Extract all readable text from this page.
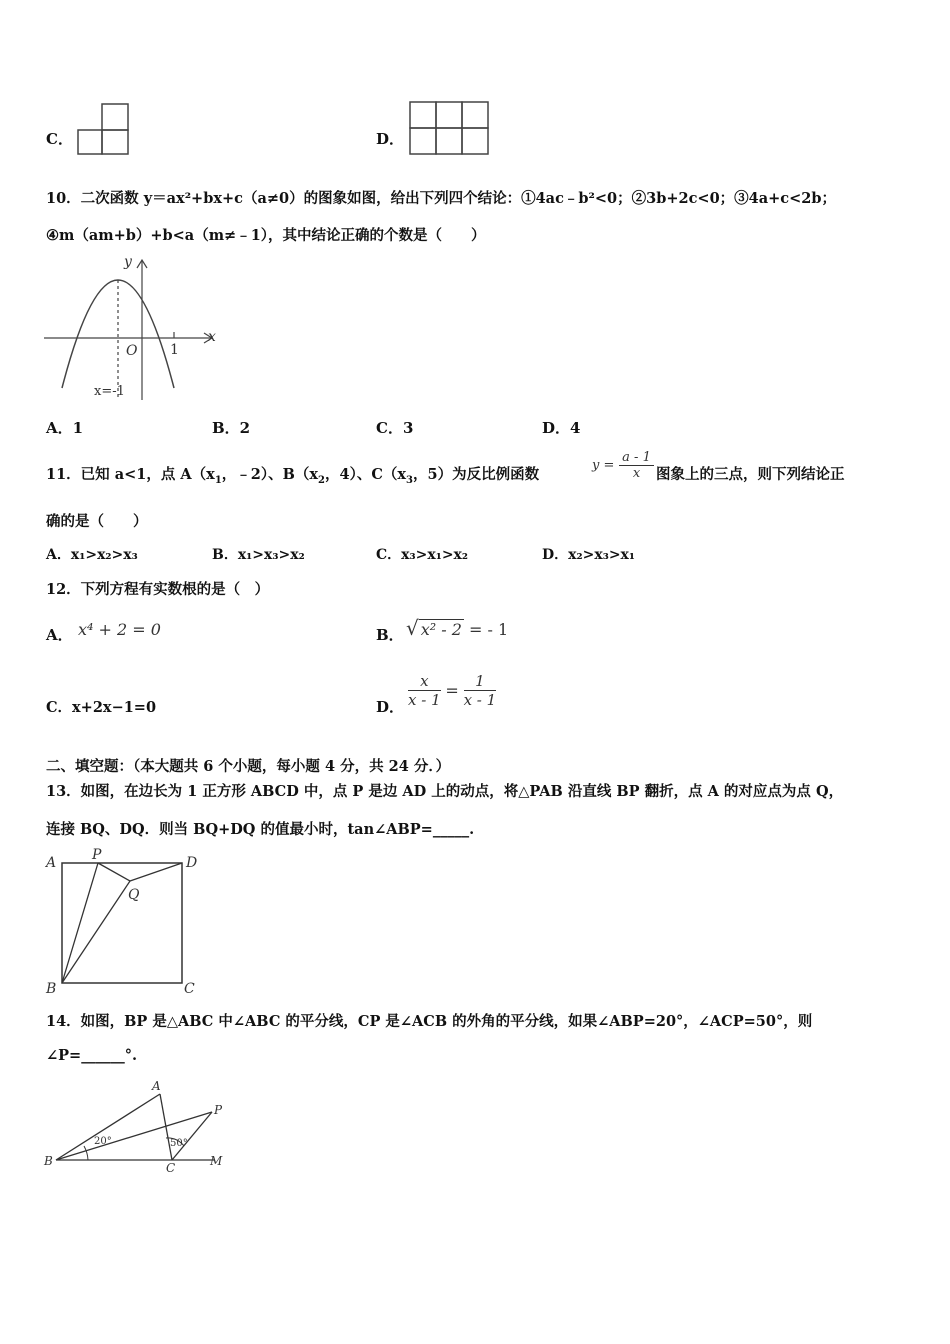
C．	D．
10．二次函数 y＝ax²+bx+c（a≠0）的图象如图，给出下列四个结论：①4ac﹣b²<0；②3b+2c<0；③4a+c<2b；
④m（am+b）+b<a（m≠﹣1），其中结论正确的个数是（　　）
y
x
O 1
x=-1
A．1	B．2	C．3	D．4
11．已知 a<1，点 $A(x_1$，﹣2）、$B(x_2$，4）、$C(x_3$，5）为反比例函数
$y = \frac{a - 1}{x}$ 图象上的三点，则下列结论正
确的是（　　）
A．x₁>x₂>x₃	B．x₁>x₃>x₂	C．x₃>x₁>x₂	D．x₂>x₃>x₁
12．下列方程有实数根的是（　）
A． x⁴ + 2 = 0	B． √ x² - 2 = - 1
C．x+2x−1=0	D． $\frac{x}{x - 1} = \frac{1}{x - 1}$
二、填空题：（本大题共 6 个小题，每小题 4 分，共 24 分．）
13．如图，在边长为 1 正方形 ABCD 中，点 P 是边 AD 上的动点，将△PAB 沿直线 BP 翻折，点 A 的对应点为点 Q，
连接 BQ、DQ．则当 BQ+DQ 的值最小时，tan∠ABP=_____.
A	P	D
Q
B	C
14．如图，BP 是△ABC 中∠ABC 的平分线，CP 是∠ACB 的外角的平分线，如果∠ABP=20°，∠ACP=50°，则
∠P=______°.
A
P
B	C	M
20°	50°
